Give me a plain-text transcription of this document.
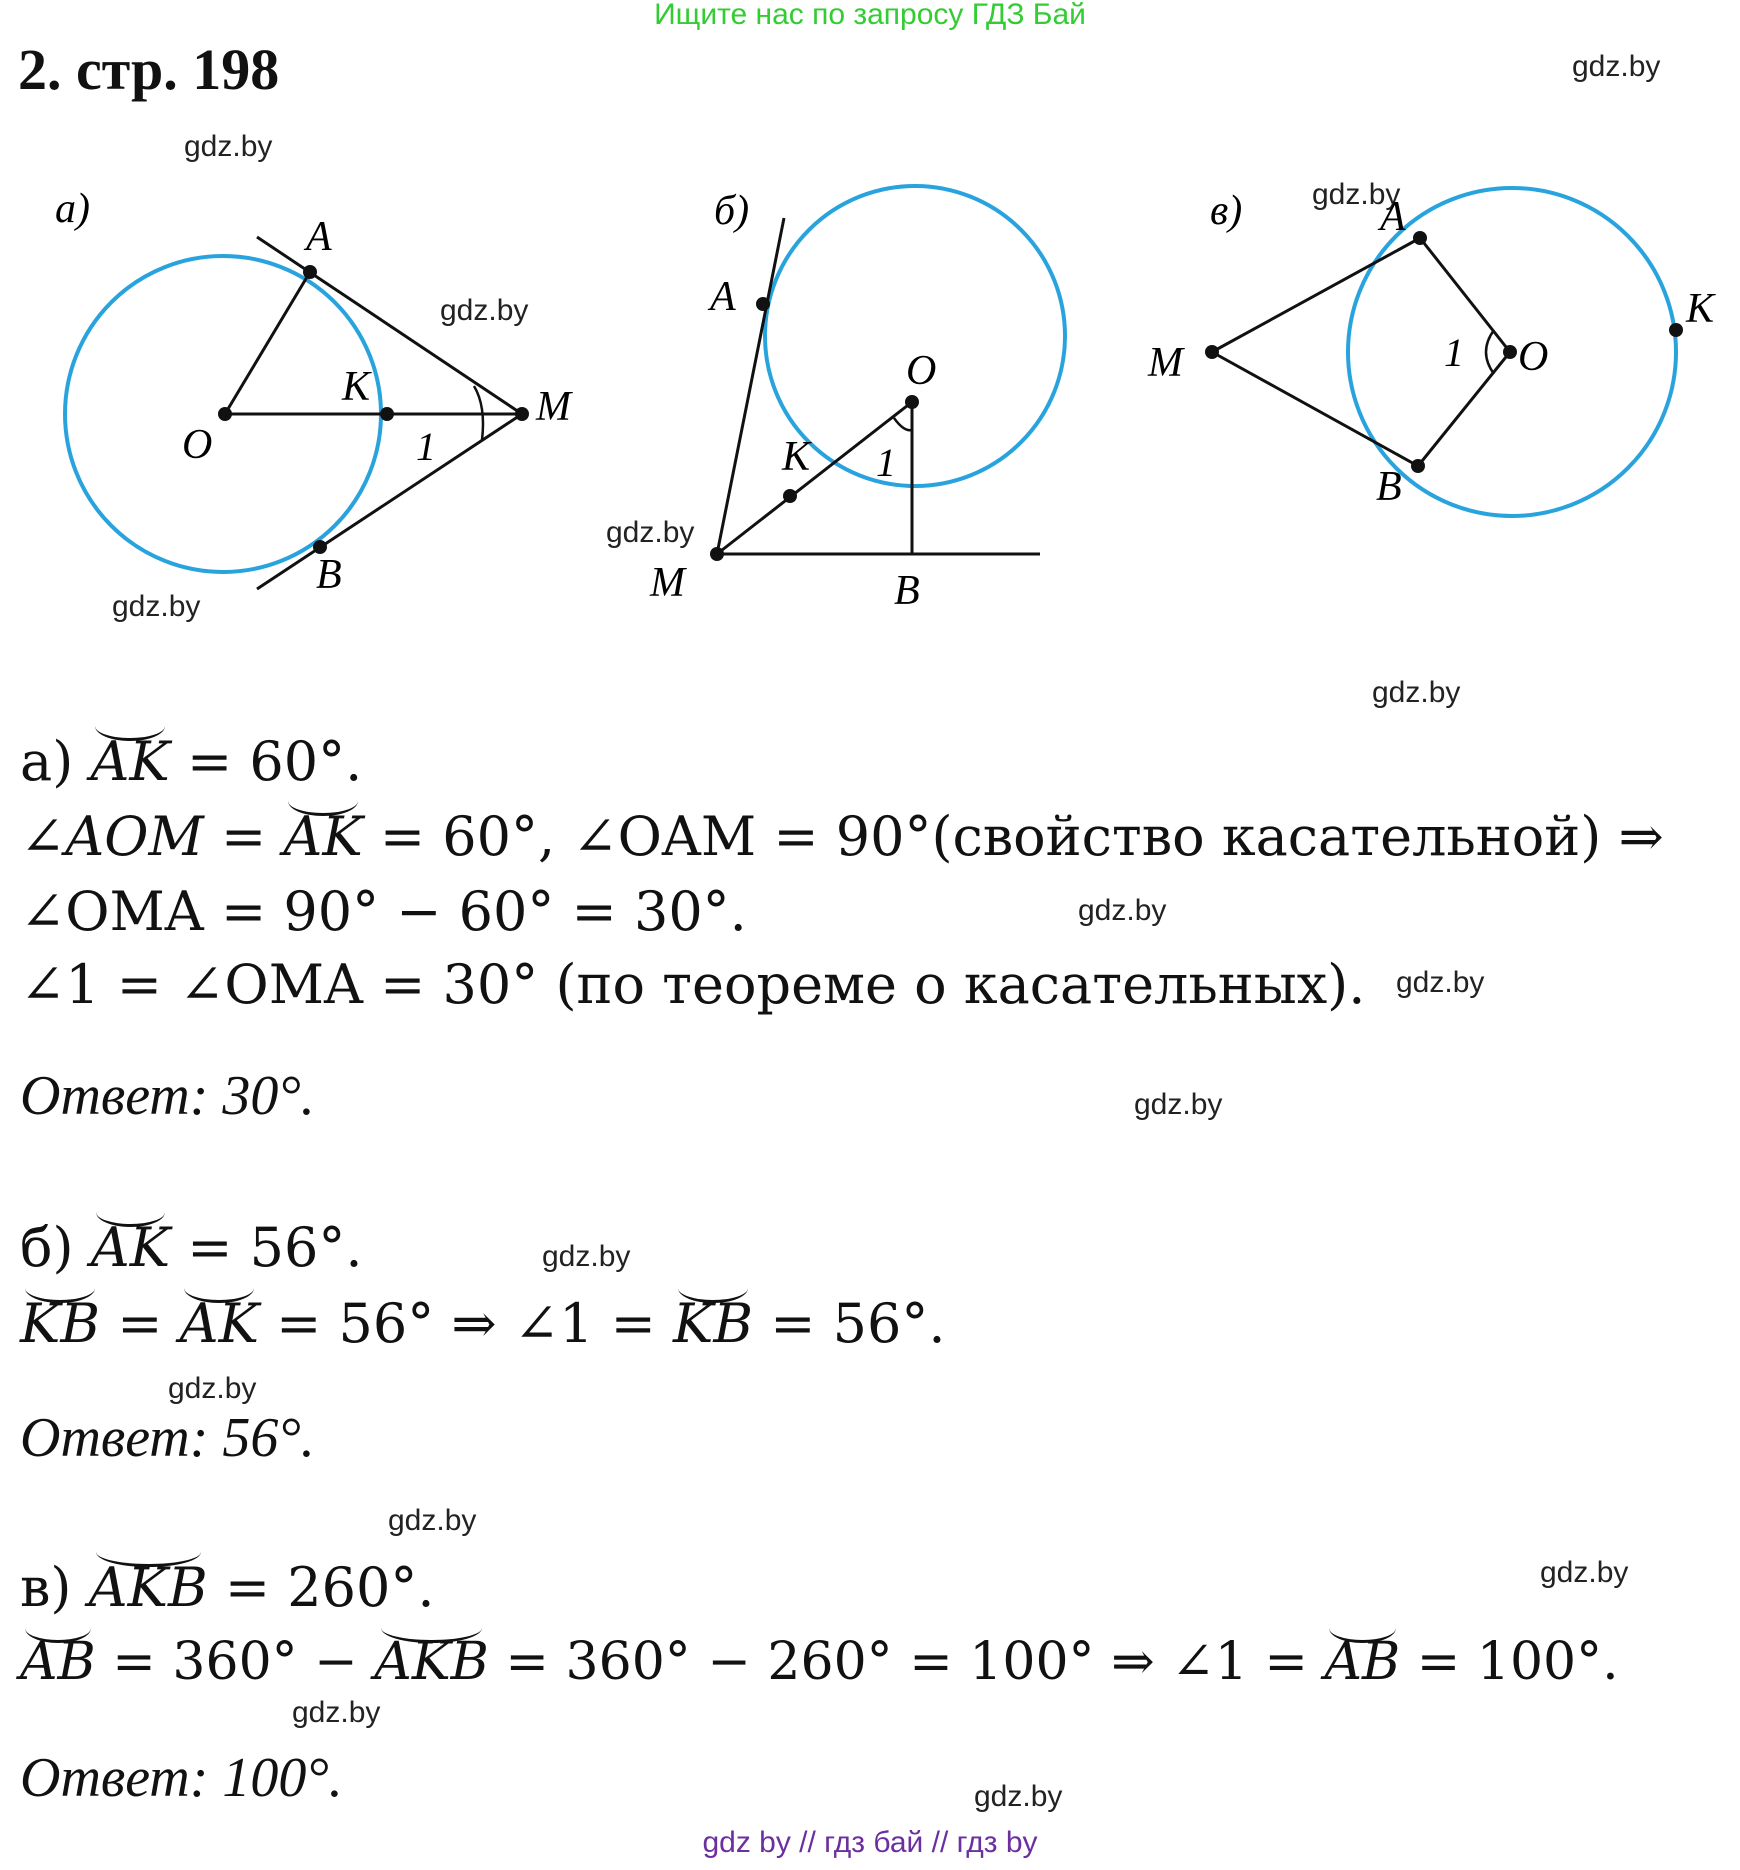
Ищите нас по запросу ГДЗ Бай
2. стр. 198	gdz.by
gdz.by
gdz.by
gdz.by
gdz.by
gdz.by
gdz.by
gdz.by
gdz.by
gdz.by
gdz.by
gdz.by
gdz.by
gdz.by
gdz.by
gdz.by
а)
A
K	M
O
B
1
б)
A
K
M
O
B
1
в)	A
B
M	O
K
1
а) AK = 60°.
∠AOM = AK = 60°, ∠OAM = 90°(свойство касательной) ⇒
∠OMA = 90° − 60° = 30°.
∠1 = ∠OMA = 30° (по теореме о касательных).
Ответ: 30°.
б) AK = 56°.
KB = AK = 56° ⇒ ∠1 = KB = 56°.
Ответ: 56°.
в) AKB = 260°.
AB = 360° − AKB = 360° − 260° = 100° ⇒ ∠1 = AB = 100°.
Ответ: 100°.
gdz by // гдз бай // гдз by
